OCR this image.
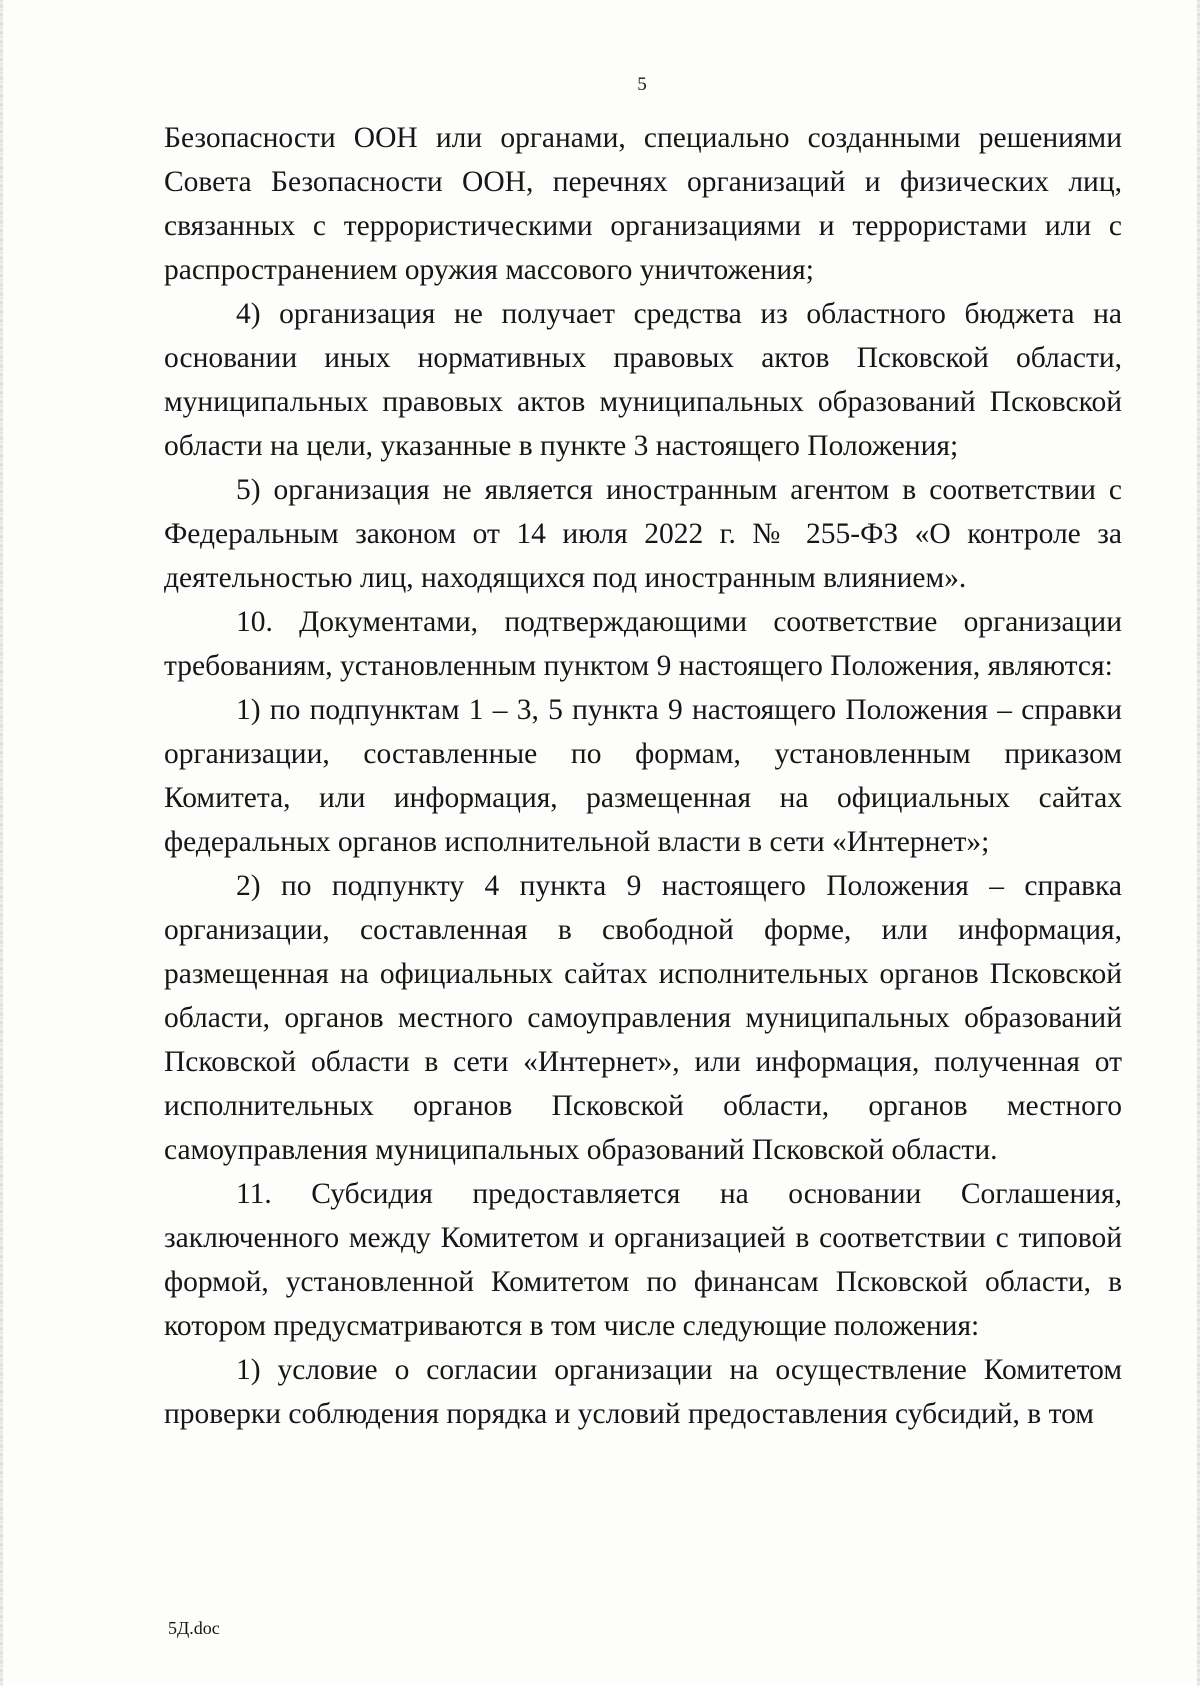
5

Безопасности ООН или органами, специально созданными решениями Совета Безопасности ООН, перечнях организаций и физических лиц, связанных с террористическими организациями и террористами или с распространением оружия массового уничтожения;

4) организация не получает средства из областного бюджета на основании иных нормативных правовых актов Псковской области, муниципальных правовых актов муниципальных образований Псковской области на цели, указанные в пункте 3 настоящего Положения;

5) организация не является иностранным агентом в соответствии с Федеральным законом от 14 июля 2022 г. № 255-ФЗ «О контроле за деятельностью лиц, находящихся под иностранным влиянием».

10. Документами, подтверждающими соответствие организации требованиям, установленным пунктом 9 настоящего Положения, являются:

1) по подпунктам 1 – 3, 5 пункта 9 настоящего Положения – справки организации, составленные по формам, установленным приказом Комитета, или информация, размещенная на официальных сайтах федеральных органов исполнительной власти в сети «Интернет»;

2) по подпункту 4 пункта 9 настоящего Положения – справка организации, составленная в свободной форме, или информация, размещенная на официальных сайтах исполнительных органов Псковской области, органов местного самоуправления муниципальных образований Псковской области в сети «Интернет», или информация, полученная от исполнительных органов Псковской области, органов местного самоуправления муниципальных образований Псковской области.

11. Субсидия предоставляется на основании Соглашения, заключенного между Комитетом и организацией в соответствии с типовой формой, установленной Комитетом по финансам Псковской области, в котором предусматриваются в том числе следующие положения:

1) условие о согласии организации на осуществление Комитетом проверки соблюдения порядка и условий предоставления субсидий, в том

5Д.doc
